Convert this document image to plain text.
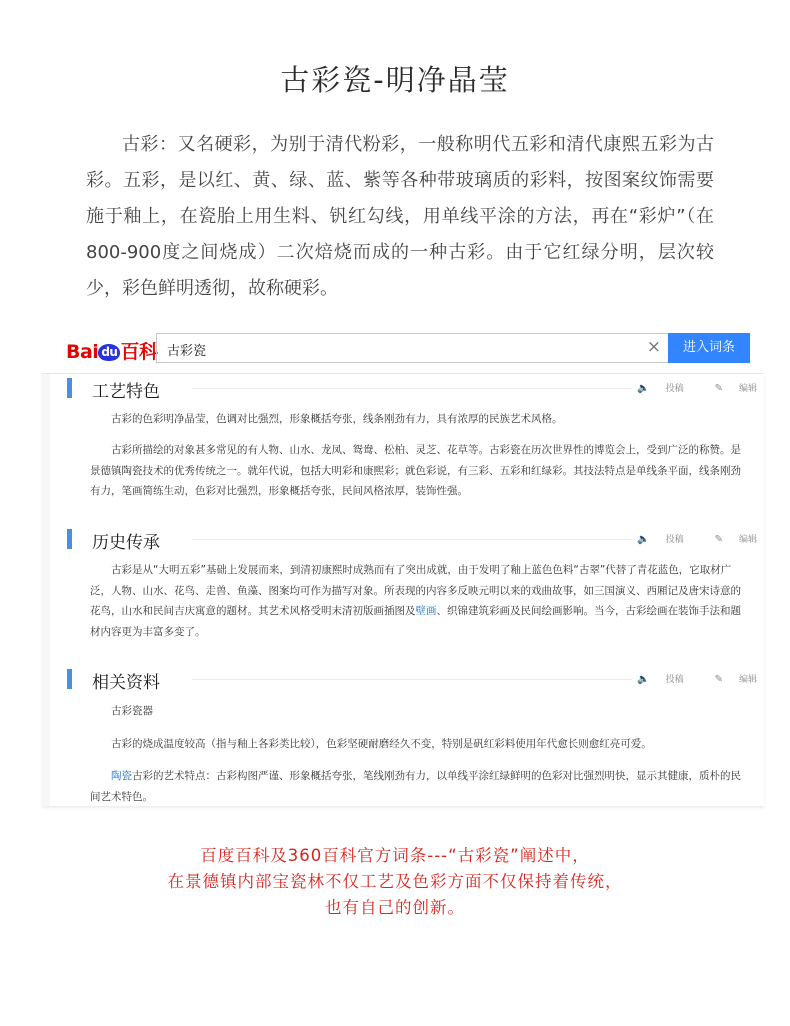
古彩瓷-明净晶莹

古彩：又名硬彩，为别于清代粉彩，一般称明代五彩和清代康熙五彩为古彩。五彩，是以红、黄、绿、蓝、紫等各种带玻璃质的彩料，按图案纹饰需要施于釉上，在瓷胎上用生料、钒红勾线，用单线平涂的方法，再在“彩炉”（在800-900度之间烧成）二次焙烧而成的一种古彩。由于它红绿分明，层次较少，彩色鲜明透彻，故称硬彩。

Bai du 百科 古彩瓷	×	进入词条
工艺特色	🔈 投稿	✎ 编辑
古彩的色彩明净晶莹，色调对比强烈，形象概括夸张，线条刚劲有力，具有浓厚的民族艺术风格。
古彩所描绘的对象甚多常见的有人物、山水、龙凤、鸳鸯、松柏、灵芝、花草等。古彩瓷在历次世界性的博览会上，受到广泛的称赞。是景德镇陶瓷技术的优秀传统之一。就年代说，包括大明彩和康熙彩；就色彩说，有三彩、五彩和红绿彩。其技法特点是单线条平面，线条刚劲有力，笔画简练生动，色彩对比强烈，形象概括夸张，民间风格浓厚，装饰性强。
历史传承	🔈 投稿	✎ 编辑
古彩是从“大明五彩”基础上发展而来，到清初康熙时成熟而有了突出成就，由于发明了釉上蓝色色料“古翠”代替了青花蓝色，它取材广泛，人物、山水、花鸟、走兽、鱼藻、图案均可作为描写对象。所表现的内容多反映元明以来的戏曲故事，如三国演义、西厢记及唐宋诗意的花鸟，山水和民间吉庆寓意的题材。其艺术风格受明末清初版画插图及壁画、织锦建筑彩画及民间绘画影响。当今，古彩绘画在装饰手法和题材内容更为丰富多变了。
相关资料	🔈 投稿	✎ 编辑
古彩瓷器
古彩的烧成温度较高（指与釉上各彩类比较），色彩坚硬耐磨经久不变，特别是矾红彩料使用年代愈长则愈红亮可爱。
陶瓷古彩的艺术特点：古彩构图严谨、形象概括夸张，笔线刚劲有力，以单线平涂红绿鲜明的色彩对比强烈明快，显示其健康，质朴的民间艺术特色。
百度百科及360百科官方词条---“古彩瓷”阐述中，
在景德镇内部宝瓷林不仅工艺及色彩方面不仅保持着传统，
也有自己的创新。
